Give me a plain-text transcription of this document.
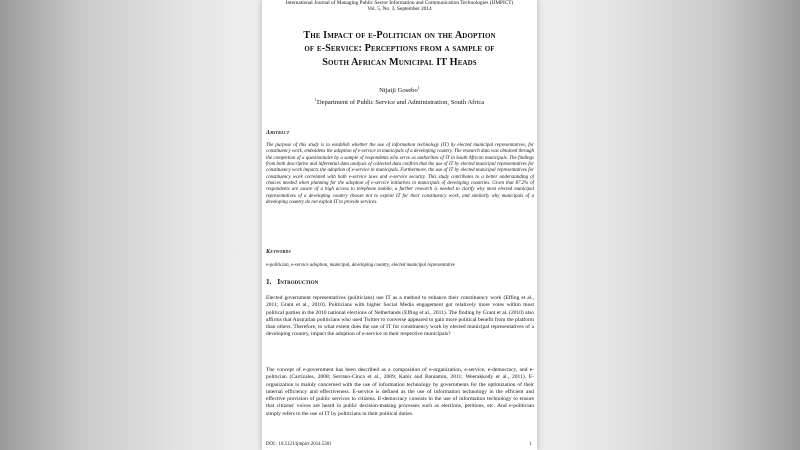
International Journal of Managing Public Sector Information and Communication Technologies (IJMPICT)
Vol. 5, No. 3, September 2014
The Impact of e-Politician on the Adoption
of e-Service: Perceptions from a sample of
South African Municipal IT Heads
Ntjatji Gosebo$^1$
$^1$Department of Public Service and Administration, South Africa
Abstract
The purpose of this study is to establish whether the use of information technology (IT) by elected municipal representatives, for constituency work, emboldens the adoption of e-service in municipals of a developing country. The research data was obtained through the completion of a questionnaire by a sample of respondents who serve as authorities of IT in South African municipals. The findings from both descriptive and inferential data analysis of collected data confirm that the use of IT by elected municipal representatives for constituency work impacts the adoption of e-service in municipals. Furthermore, the use of IT by elected municipal representatives for constituency work correlated with both e-service laws and e-service security. This study contributes to a better understanding of choices needed when planning for the adoption of e-service initiatives in municipals of developing countries. Given that 87.2% of respondents are aware of a high access to telephone mobile, a further research is needed to clarify why most elected municipal representatives of a developing country choose not to exploit IT for their constituency work, and similarly why municipals of a developing country do not exploit IT to provide services.
Keywords
e-politician, e-service adoption, municipal, developing country, elected municipal representative
1. Introduction
Elected government representatives (politicians) use IT as a method to enhance their constituency work (Effing et al., 2011; Grant et al., 2010). Politicians with higher Social Media engagement got relatively more votes within most political parties in the 2010 national elections of Netherlands (Effing et al., 2011). The finding by Grant et al. (2010) also affirms that Australian politicians who used Twitter to converse appeared to gain more political benefit from the platform than others. Therefore, to what extent does the use of IT for constituency work by elected municipal representatives of a developing country, impact the adoption of e-service in their respective municipals?
The concept of e-government has been described as a composition of e-organization, e-service, e-democracy, and e-politician (Carrizales, 2008; Serrano-Cinca et al., 2009; Kabir and Baniamin, 2011; Weerakkody et al., 2011). E-organization is mainly concerned with the use of information technology by governments for the optimization of their internal efficiency and effectiveness. E-service is defined as the use of information technology in the efficient and effective provision of public services to citizens. E-democracy consists in the use of information technology to ensure that citizens' voices are heard in public decision-making processes such as elections, petitions, etc. And e-politician simply refers to the use of IT by politicians in their political duties.
DOI : 10.5121/ijmpict.2014.5301	1
